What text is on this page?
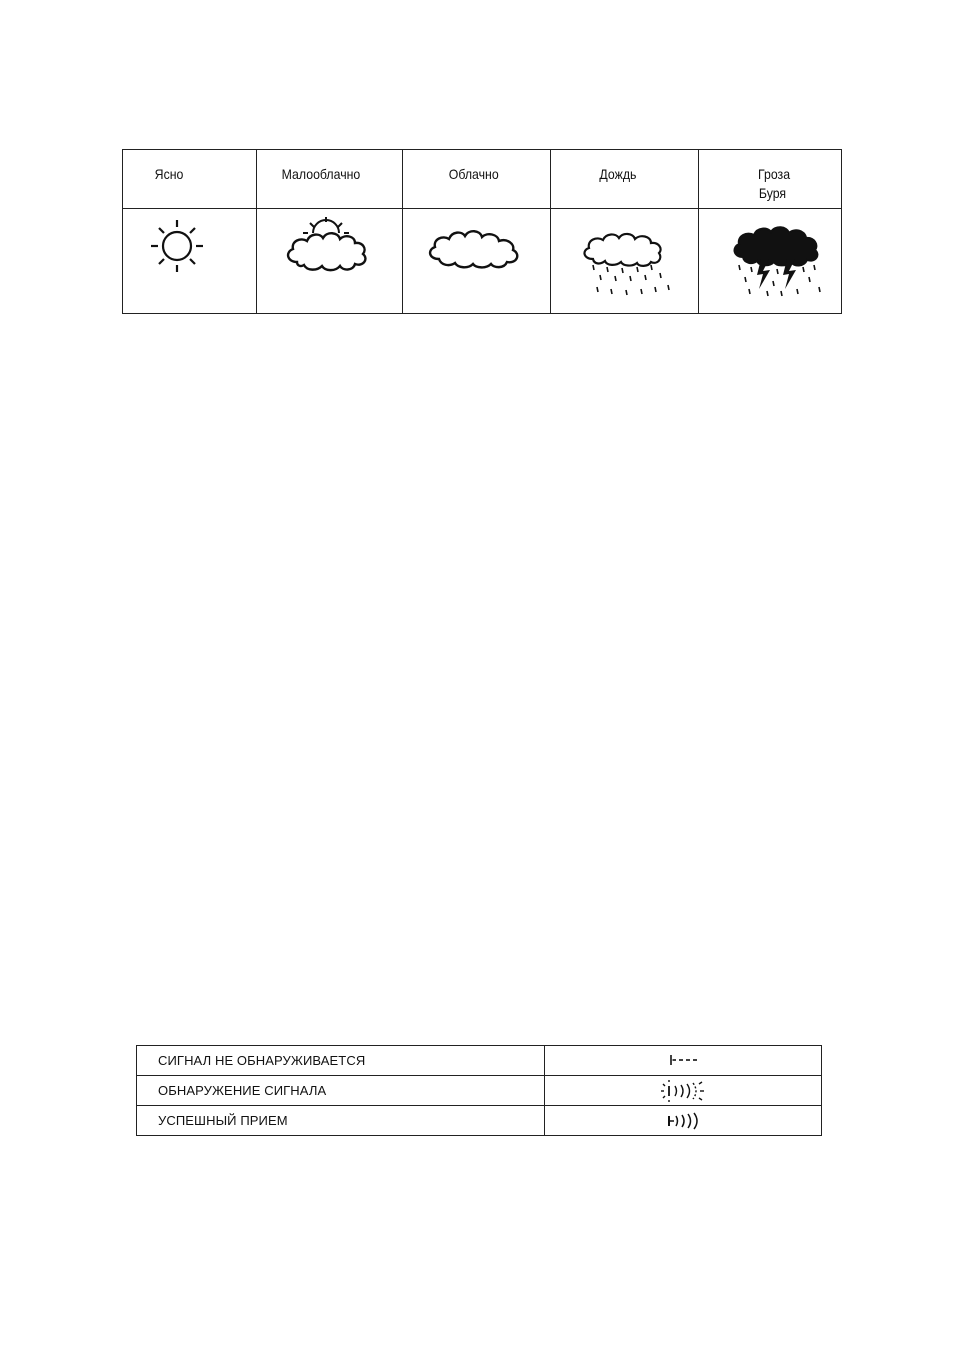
Ясно	Малооблачно	Облачно	Дождь	Гроза
Буря

СИГНАЛ НЕ ОБНАРУЖИВАЕТСЯ	
ОБНАРУЖЕНИЕ СИГНАЛА	
УСПЕШНЫЙ ПРИЕМ	
